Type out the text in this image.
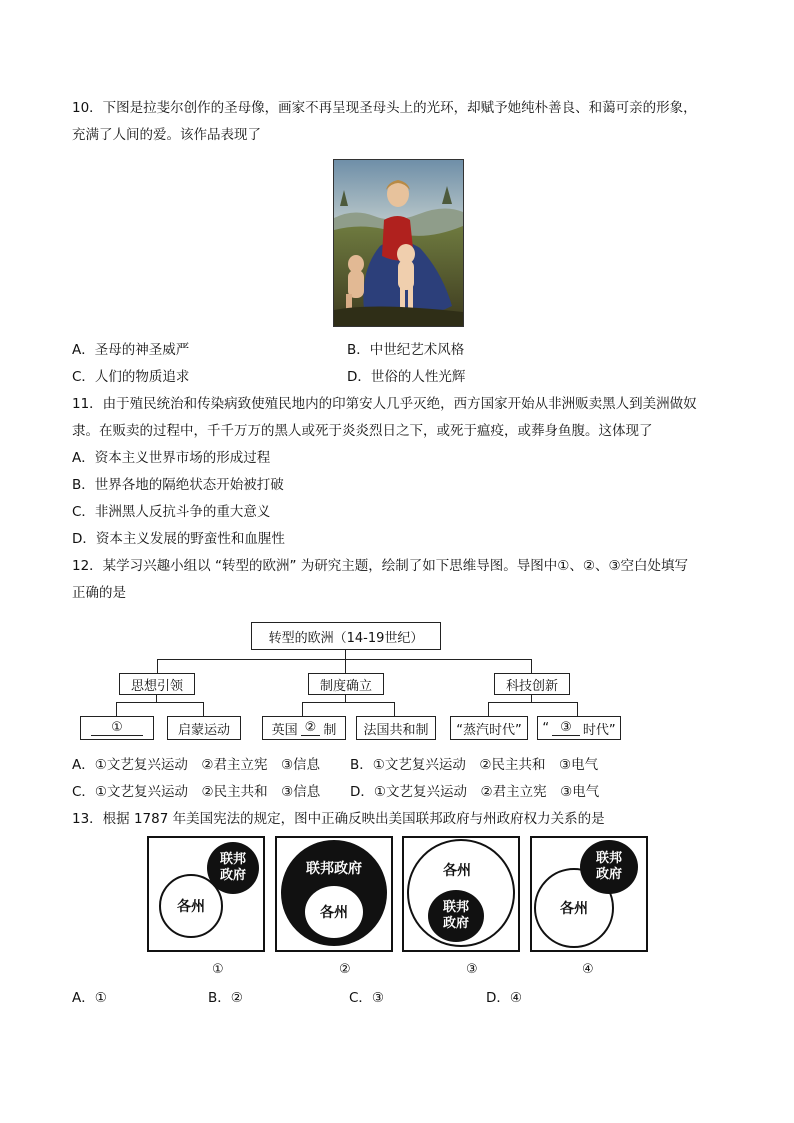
10．下图是拉斐尔创作的圣母像，画家不再呈现圣母头上的光环，却赋予她纯朴善良、和蔼可亲的形象，
充满了人间的爱。该作品表现了
A．圣母的神圣威严	B．中世纪艺术风格
C．人们的物质追求	D．世俗的人性光辉
11．由于殖民统治和传染病致使殖民地内的印第安人几乎灭绝，西方国家开始从非洲贩卖黑人到美洲做奴
隶。在贩卖的过程中，千千万万的黑人或死于炎炎烈日之下，或死于瘟疫，或葬身鱼腹。这体现了
A．资本主义世界市场的形成过程
B．世界各地的隔绝状态开始被打破
C．非洲黑人反抗斗争的重大意义
D．资本主义发展的野蛮性和血腥性
12．某学习兴趣小组以 “转型的欧洲” 为研究主题，绘制了如下思维导图。导图中①、②、③空白处填写
正确的是
转型的欧洲（14-19世纪）
思想引领	制度确立	科技创新
①	启蒙运动	英国 ② 制	法国共和制	“蒸汽时代”	“ ③ 时代”
A．①文艺复兴运动　②君主立宪　③信息 B．①文艺复兴运动　②民主共和　③电气
C．①文艺复兴运动　②民主共和　③信息 D．①文艺复兴运动　②君主立宪　③电气
13．根据 1787 年美国宪法的规定，图中正确反映出美国联邦政府与州政府权力关系的是
各州
联邦
政府	联邦政府
各州
各州
联邦
政府
各州
联邦
政府
①	②	③	④
A．①	B．②	C．③	D．④
